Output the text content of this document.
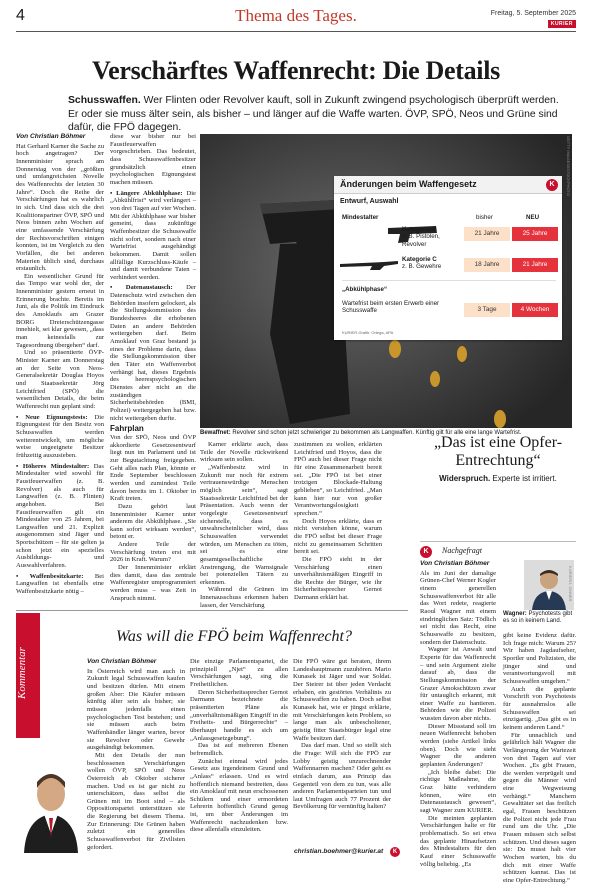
4	Thema des Tages.	Freitag, 5. September 2025
KURIER
Verschärftes Waffenrecht: Die Details
Schusswaffen. Wer Flinten oder Revolver kauft, soll in Zukunft zwingend psychologisch überprüft werden. Er oder sie muss älter sein, als bisher – und länger auf die Waffe warten. ÖVP, SPÖ, Neos und Grüne sind dafür, die FPÖ dagegen.
Von Christian Böhmer

Hat Gerhard Karner die Sache zu hoch angetragen? Der Innenminister sprach am Donnerstag von der „größten und umfangreichsten Novelle des Waffenrechts der letzten 30 Jahre“. Doch die Reihe der Verschärfungen hat es wahrlich in sich. Und dass sich die drei Koalitionspartner ÖVP, SPÖ und Neos binnen zehn Wochen auf eine umfassende Verschärfung der Rechtsvorschriften einigen konnten, ist im Vergleich zu den Vorfällen, die bei anderen Materien üblich sind, durchaus erstaunlich.

Ein wesentlicher Grund für das Tempo war wohl der, der Innenminister gestern erneut in Erinnerung brachte. Bereits im Juni, als die Politik im Eindruck des Amoklaufs am Grazer BORG Dreierschützengasse innehielt, sei klar gewesen, „dass man keinesfalls zur Tagesordnung übergehen“ darf.

Und so präsentierte ÖVP-Minister Karner am Donnerstag an der Seite von Neos-Generalsekretär Douglas Hoyos und Staatssekretär Jörg Leichtfried (SPÖ) die wesentlichen Details, die beim Waffenrecht nun geplant sind:

• Neue Eignungstests: Die Eignungstest für den Besitz von Schusswaffen werden weiterentwickelt, um mögliche weise ungeeignete Besitzer frühzeitig auszusieben.

• Höheres Mindestalter: Das Mindestalter wird sowohl für Faustfeuerwaffen (z. B. Revolver) als auch für Langwaffen (z. B. Flinten) angehoben. Bei Faustfeuerwaffen gilt ein Mindestalter von 25 Jahren, bei Langwaffen und 21. Explizit ausgenommen sind Jäger und Sportschützen – für sie gelten ja schon jetzt ein spezielles Ausbildungs- und Auswahlverfahren.

• Waffenbesitzkarte: Bei Langwaffen ist ebenfalls eine Waffenbesitzkarte nötig –

diese war bisher nur bei Faustfeuerwaffen vorgeschrieben. Das bedeutet, dass Schusswaffenbesitzer grundsätzlich einen psychologischen Eignungstest machen müssen.

• Längere Abkühlphase: Die „Abkühlfrist“ wird verlängert – von drei Tagen auf vier Wochen. Mit der Abkühlphase war bisher gemeint, dass zukünftige Waffenbesitzer die Schusswaffe nicht sofort, sondern nach einer Wartefrist ausgehändigt bekommen. Damit sollen allfällige Kurzschluss-Käufe – und damit verbundene Taten – verhindert werden.

• Datenaustausch: Der Datenschutz wird zwischen den Behörden insofern gelockert, als die Stellungskommission des Bundesheeres die erhobenen Daten an andere Behörden weitergeben darf. Beim Amoklauf von Graz bestand ja eines der Probleme darin, dass die Stellungskommission über den Täter ein Waffenverbot verhängt hat, dieses Ergebnis des heerespsychologischen Dienstes aber nicht an die zuständigen Sicherheitsbehörden (BMI, Polizei) weitergegeben hat bzw. nicht weitergeben durfte.

Fahrplan

Von der SPÖ, Neos und ÖVP akkordierte Gesetzesentwurf liegt nun im Parlament und ist zur Begutachtung freigegeben. Geht alles nach Plan, könnte er Ende September beschlossen werden und zumindest Teile davon bereits im 1. Oktober in Kraft treten.

Dazu gehört laut Innenminister Karner unter anderem die Abkühlphase. „Sie kann sofort wirksam werden“, betont er.

Andere Teile der Verschärfung treten erst mit 2026 in Kraft. Warum?

Der Innenminister erklärt dies damit, dass das zentrale Waffenregister umprogrammiert werden muss – was Zeit in Anspruch nimmt.

GETTY IMAGES/ISTOCKPHOTO
Bewaffnet: Revolver sind schon jetzt schwieriger zu bekommen als Langwaffen. Künftig gilt für alle eine lange Wartefrist.
Änderungen beim Waffengesetz	K
Entwurf, Auswahl
Mindestalter	bisher	NEU
Kategorie B
z. B. Pistolen, Revolver
21 Jahre	25 Jahre
Kategorie C
z. B. Gewehre	18 Jahre	21 Jahre
„Abkühlphase“
Wartefrist beim ersten Erwerb einer Schusswaffe	3 Tage	4 Wochen
KURIER-Grafik: Ortega, APA

Karner erklärte auch, dass Teile der Novelle rückwirkend wirksam sein sollen.

„Waffenbesitz wird in Zukunft nur noch für extrem vertrauenswürdige Menschen möglich sein“, sagt Staatssekretär Leichtfried bei der Präsentation. Auch wenn der vorgelegte Gesetzesentwurf sicherstelle, dass es unwahrscheinlicher wird, dass Schusswaffen verwendet würden, um Menschen zu töten, sei es eine gesamtgesellschaftliche Anstrengung, die Warnsignale bei potenziellen Tätern zu erkennen.

Während die Grünen im Innenausschuss erkennen haben lassen, der Verschärfung

zustimmen zu wollen, erklärten Leichtfried und Hoyos, dass die FPÖ auch bei dieser Frage nicht für eine Zusammenarbeit bereit sei. „Die FPÖ ist bei einer trotzigen Blockade-Haltung geblieben“, so Leichtfried. „Man kann hier nur von großer Verantwortungslosigkeit sprechen.“

Doch Hoyos erklärte, dass er nicht verstehen könne, warum die FPÖ selbst bei dieser Frage nicht zu gemeinsamen Schritten bereit sei.

Die FPÖ sieht in der Verschärfung einen unverhältnismäßigen Eingriff in die Rechte der Bürger, wie ihr Sicherheitssprecher Gernot Darmann erklärt hat.

„Das ist eine Opfer-Entrechtung“
Widerspruch. Experte ist irritiert.
K	Nachgefragt
Von Christian Böhmer

Als im Juni der damalige Grünen-Chef Werner Kogler einem generellen Schusswaffenverbot für alle das Wort redete, reagierte Raoul Wagner mit einem eindringlichen Satz: Tödlich sei nicht das Recht, eine Schusswaffe zu besitzen, sondern der Datenschutz.

Wagner ist Anwalt und Experte für das Waffenrecht – und sein Argument zielte darauf ab, dass die Stellungskommission der Grazer Amokschützen zwar für untauglich erkannt, mit einer Waffe zu hantieren. Behörden wie die Polizei wussten davon aber nichts.

Dieser Missstand soll im neuen Waffenrecht behoben werden (siehe Artikel links oben). Doch wie sieht Wagner die anderen geplanten Änderungen?

„Ich bleibe dabei: Die richtige Maßnahme, die Graz hätte verhindern können, wäre ein Datenaustausch gewesen“, sagt Wagner zum KURIER.

Die meinten geplanten Verschärfungen halte er für problematisch. So sei etwa das geplante Hinaufsetzen des Mindestalters für den Kauf einer Schusswaffe völlig beliebig. „Es

KURIER/J. ZINNER
Wagner: Psychotests gibt es so in keinem Land.

gibt keine Evidenz dafür. Ich frage mich: Warum 25? Wir haben Jagdaufseher, Sportler und Polizisten, die jünger sind und verantwortungsvoll mit Schusswaffen umgehen.“

Auch die geplante Vorschrift von Psychotests für ausnahmslos alle Schusswaffen sei einzigartig. „Das gibt es in keinem anderen Land.“

Für unnachlich und gefährlich hält Wagner die Verlängerung der Wartezeit von drei Tagen auf vier Wochen. „Es gibt Frauen, die werden verprügelt und gegen die Männer wird eine Wegweisung verhängt.“ Manchem Gewalttäter sei das freilich egal, Frauen beschützen die Polizei nicht jede Frau rund um die Uhr. „Die Frauen müssen sich selbst schützen. Und dieses sagen sie: Du musst halt vier Wochen warten, bis du dich mit einer Waffe schützen kannst. Das ist eine Opfer-Entrechtung.“

Kommentar
Was will die FPÖ beim Waffenrecht?
Von Christian Böhmer

In Österreich wird man auch in Zukunft legal Schusswaffen kaufen und besitzen dürfen. Mit einem großen Aber: Die Käufer müssen künftig älter sein als bisher; sie müssen jedenfalls einen psychologischen Test bestehen; und sie müssen auch beim Waffenhändler länger warten, bevor sie Revolver oder Gewehr ausgehändigt bekommen.

Mit den Details der nun beschlossenen Verschärfungen wollen ÖVP, SPÖ und Neos Österreich ab Oktober sicherer machen. Und es ist gar nicht zu unterschätzen, dass selbst die Grünen mit im Boot sind – als Oppositionspartei unterstützen sie die Regierung bei diesem Thema. Zur Erinnerung: Die Grünen haben zuletzt ein generelles Schusswaffenverbot für Zivilisten gefordert.

Die einzige Parlamentspartei, die prinzipiell „Njet“ zu allen Verschärfungen sagt, sing die Freiheitlichen.

Deren Sicherheitssprecher Gernot Darmann bezeichnete die präsentierten Pläne als „unverhältnismäßigen Eingriff in die Freiheits- und Bürgerrechte“ – überhaupt handle es sich um „Anlassgesetzgebung“.

Das ist auf mehreren Ebenen befremdlich.

Zunächst einmal wird jedes Gesetz aus irgendeinem Grund und „Anlass“ erlassen. Und es wird hoffentlich niemand bestreiten, dass ein Amoklauf mit neun erschossenen Schülern und einer ermordeten Lehrerin hoffentlich Grund genug ist, um über Änderungen im Waffenrecht nachzudenken bzw. diese allenfalls einzuleiten.

Die FPÖ wäre gut beraten, ihrem Landeshauptmann zuzuhören. Mario Kunasek ist Jäger und war Soldat. Der Steirer ist über jeden Verdacht erhaben, ein gestörtes Verhältnis zu Schusswaffen zu haben. Doch selbst Kunasek hat, wie er jüngst erklärte, mit Verschärfungen kein Problem, so lange man als unbescholtener, geistig fitter Staatsbürger legal eine Waffe besitzen darf.

Das darf man. Und so stellt sich die Frage: Will sich die FPÖ zur Lobby geistig unzurechnender Waffennarren machen? Oder geht es einfach darum, aus Prinzip das Gegenteil von dem zu tun, was alle anderen Parlamentsparteien tun und laut Umfragen auch 77 Prozent der Bevölkerung für vernünftig halten?

christian.boehmer@kurier.at	K
